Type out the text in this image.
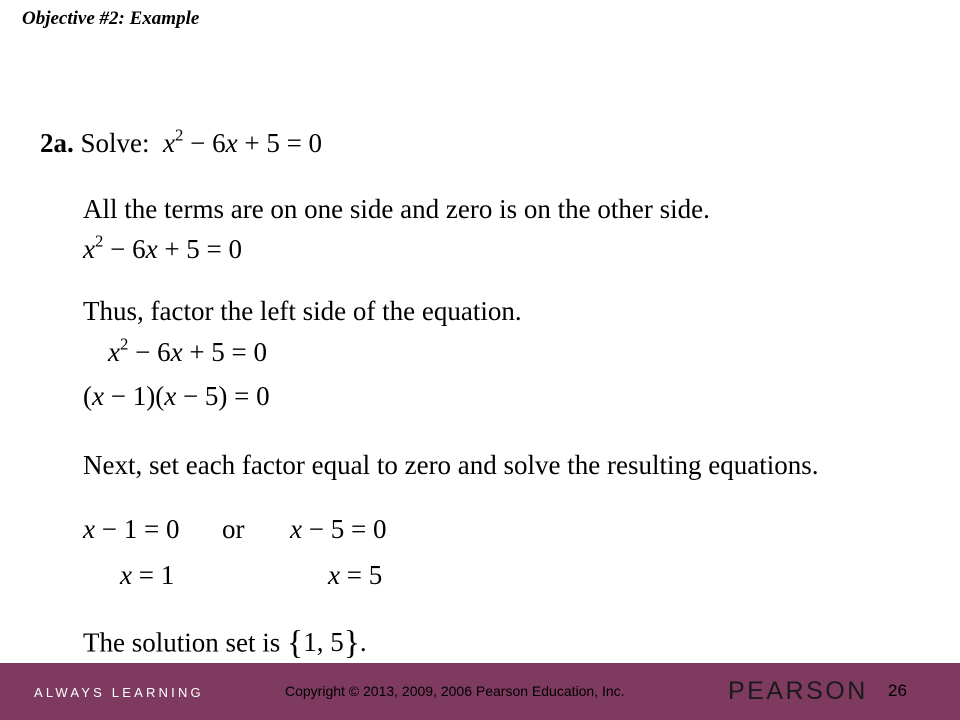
Objective #2: Example
2a. Solve: $x^2 - 6x + 5 = 0$
All the terms are on one side and zero is on the other side.
$x^2 - 6x + 5 = 0$
Thus, factor the left side of the equation.
$x^2 - 6x + 5 = 0$
(x − 1)(x − 5) = 0
Next, set each factor equal to zero and solve the resulting equations.
x − 1 = 0 or x − 5 = 0
x = 1	x = 5
The solution set is {1, 5}.
ALWAYS LEARNING	Copyright © 2013, 2009, 2006 Pearson Education, Inc.	PEARSON 26
